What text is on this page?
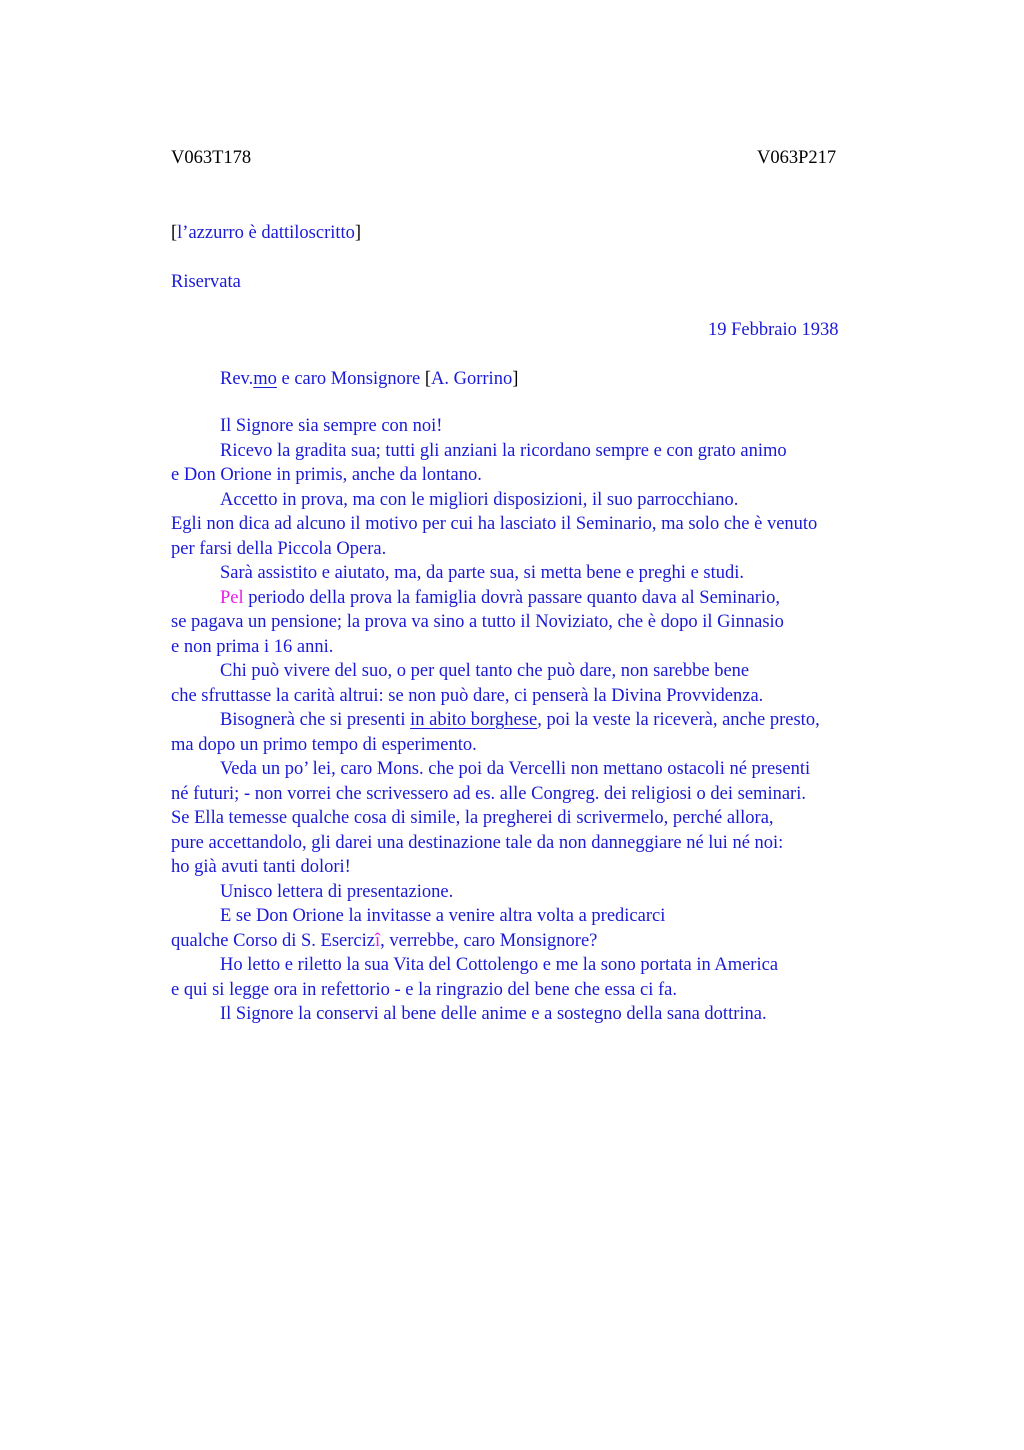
V063T178	V063P217
[l’azzurro è dattiloscritto]
Riservata
19 Febbraio 1938
Rev.mo e caro Monsignore [A. Gorrino]
Il Signore sia sempre con noi!
Ricevo la gradita sua; tutti gli anziani la ricordano sempre e con grato animo
e Don Orione in primis, anche da lontano.
Accetto in prova, ma con le migliori disposizioni, il suo parrocchiano.
Egli non dica ad alcuno il motivo per cui ha lasciato il Seminario, ma solo che è venuto
per farsi della Piccola Opera.
Sarà assistito e aiutato, ma, da parte sua, si metta bene e preghi e studi.
Pel periodo della prova la famiglia dovrà passare quanto dava al Seminario,
se pagava un pensione; la prova va sino a tutto il Noviziato, che è dopo il Ginnasio
e non prima i 16 anni.
Chi può vivere del suo, o per quel tanto che può dare, non sarebbe bene
che sfruttasse la carità altrui: se non può dare, ci penserà la Divina Provvidenza.
Bisognerà che si presenti in abito borghese, poi la veste la riceverà, anche presto,
ma dopo un primo tempo di esperimento.
Veda un po’ lei, caro Mons. che poi da Vercelli non mettano ostacoli né presenti
né futuri; - non vorrei che scrivessero ad es. alle Congreg. dei religiosi o dei seminari.
Se Ella temesse qualche cosa di simile, la pregherei di scrivermelo, perché allora,
pure accettandolo, gli darei una destinazione tale da non danneggiare né lui né noi:
ho già avuti tanti dolori!
Unisco lettera di presentazione.
E se Don Orione la invitasse a venire altra volta a predicarci
qualche Corso di S. Esercizî, verrebbe, caro Monsignore?
Ho letto e riletto la sua Vita del Cottolengo e me la sono portata in America
e qui si legge ora in refettorio - e la ringrazio del bene che essa ci fa.
Il Signore la conservi al bene delle anime e a sostegno della sana dottrina.
